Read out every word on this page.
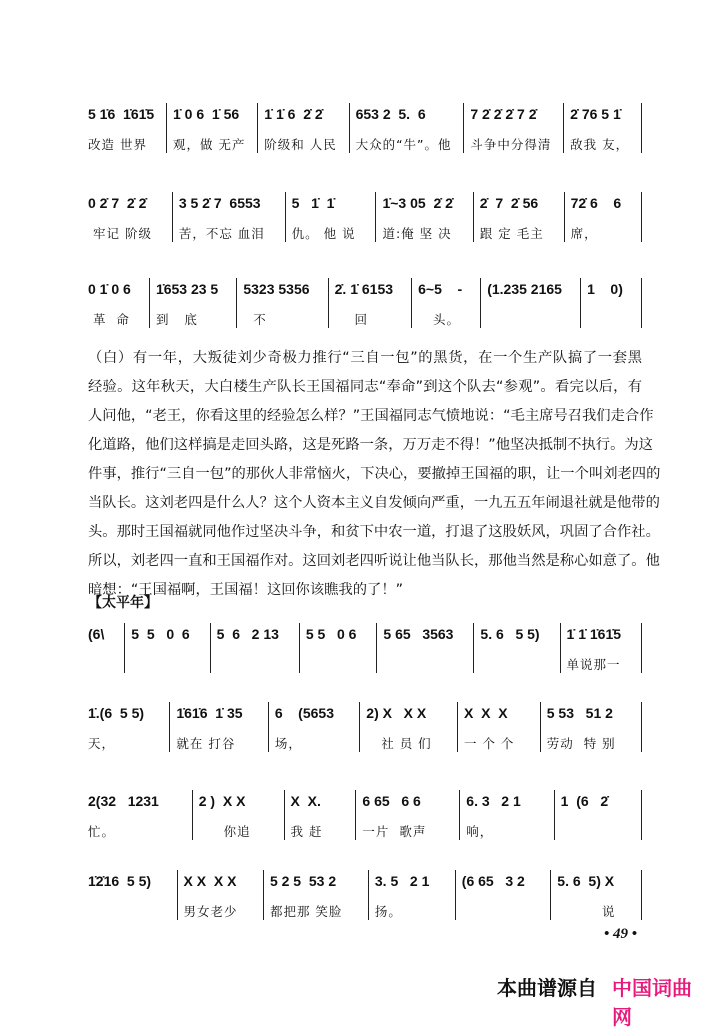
5 1̇6  1̇61̇5
改造 世界
1̇ 0 6  1̇ 56
观，做 无产
1̇ 1̇ 6  2̇ 2̇
阶级和 人民
653 2  5.  6
大众的“牛”。他
7 2̇ 2̇ 2̇ 7 2̇
斗争中分得清
2̇ 76 5 1̇
敌我 友，
0 2̇ 7  2̇ 2̇
牢记 阶级
3 5 2̇ 7  6553
苦，不忘 血泪
5   1̇  1̇
仇。 他 说
1̇~3 05  2̇ 2̇
道:俺 坚 决
2̇  7  2̇ 56
跟 定 毛主
72̇ 6    6
席，
0 1̇ 0 6
革  命
1̇653 23 5
到   底
5323 5356
不
2̇. 1̇ 6153
回
6~5    -
头。
(1.235 2165	1    0)
(6\	5  5   0  6	5  6   2 13	5 5   0 6	5 65   3563	5. 6   5 5)	1̇ 1̇ 1̇61̇5
单说那一
1̇.(6  5 5)
天，
1̇61̇6  1̇ 35
就在 打谷
6    (5653
场，
2) X   X X
社 员 们
X  X  X
一 个 个
5 53   51 2
劳动  特 别
2(32   1231
忙。
2 )  X X
你追
X  X.
我 赶
6 65   6 6
一片  歌声
6. 3   2 1
响，
1  (6   2̇
1̇2̇16  5 5)	X X  X X
男女老少
5 2 5  53 2
都把那 笑脸
3. 5   2 1
扬。
(6 65   3 2	5. 6  5) X
说
（白）有一年，大叛徒刘少奇极力推行“三自一包”的黑货，在一个生产队搞了一套黑
经验。这年秋天，大白楼生产队长王国福同志“奉命”到这个队去“参观”。看完以后，有
人问他，“老王，你看这里的经验怎么样？”王国福同志气愤地说：“毛主席号召我们走合作
化道路，他们这样搞是走回头路，这是死路一条，万万走不得！”他坚决抵制不执行。为这
件事，推行“三自一包”的那伙人非常恼火，下决心，要撤掉王国福的职，让一个叫刘老四的
当队长。这刘老四是什么人？这个人资本主义自发倾向严重，一九五五年闹退社就是他带的
头。那时王国福就同他作过坚决斗争，和贫下中农一道，打退了这股妖风，巩固了合作社。
所以，刘老四一直和王国福作对。这回刘老四听说让他当队长，那他当然是称心如意了。他
暗想：“王国福啊，王国福！这回你该瞧我的了！”
【太平年】
• 49 •
本曲谱源自 中国词曲网
